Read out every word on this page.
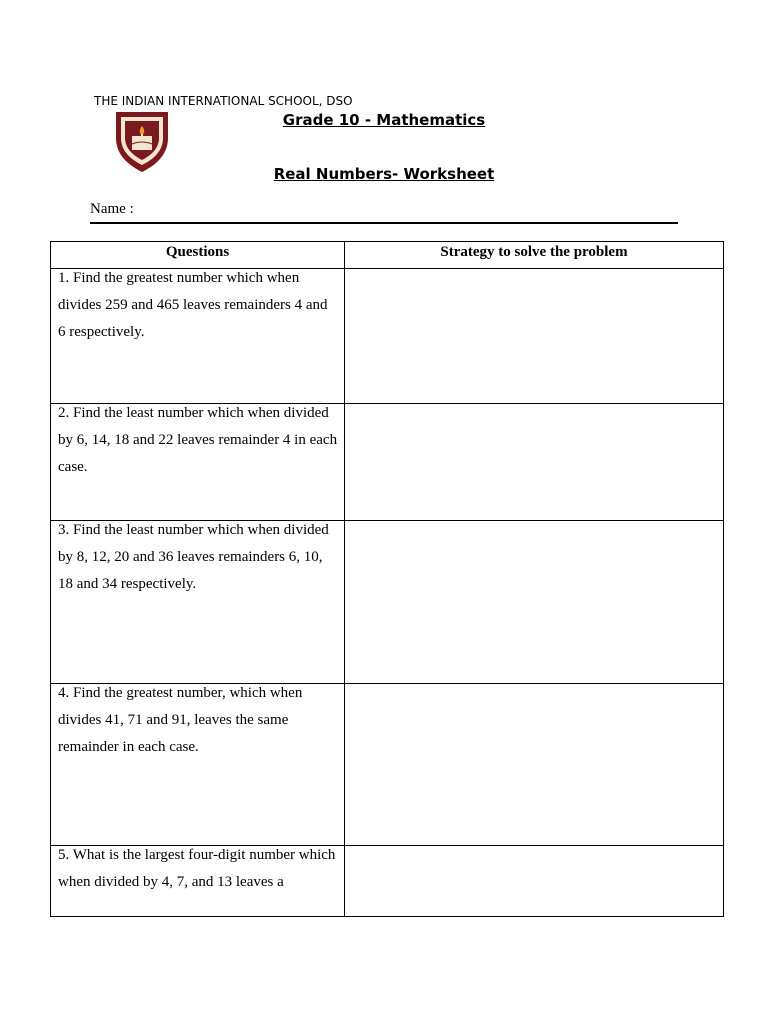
THE INDIAN INTERNATIONAL SCHOOL, DSO
Grade 10 - Mathematics
Real Numbers- Worksheet
Name :
Questions	Strategy to solve the problem

1. Find the greatest number which when divides 259 and 465 leaves remainders 4 and 6 respectively.	

2. Find the least number which when divided by 6, 14, 18 and 22 leaves remainder 4 in each case.	

3. Find the least number which when divided by 8, 12, 20 and 36 leaves remainders 6, 10, 18 and 34 respectively.	

4. Find the greatest number, which when divides 41, 71 and 91, leaves the same remainder in each case.	

5. What is the largest four-digit number which when divided by 4, 7, and 13 leaves a	
